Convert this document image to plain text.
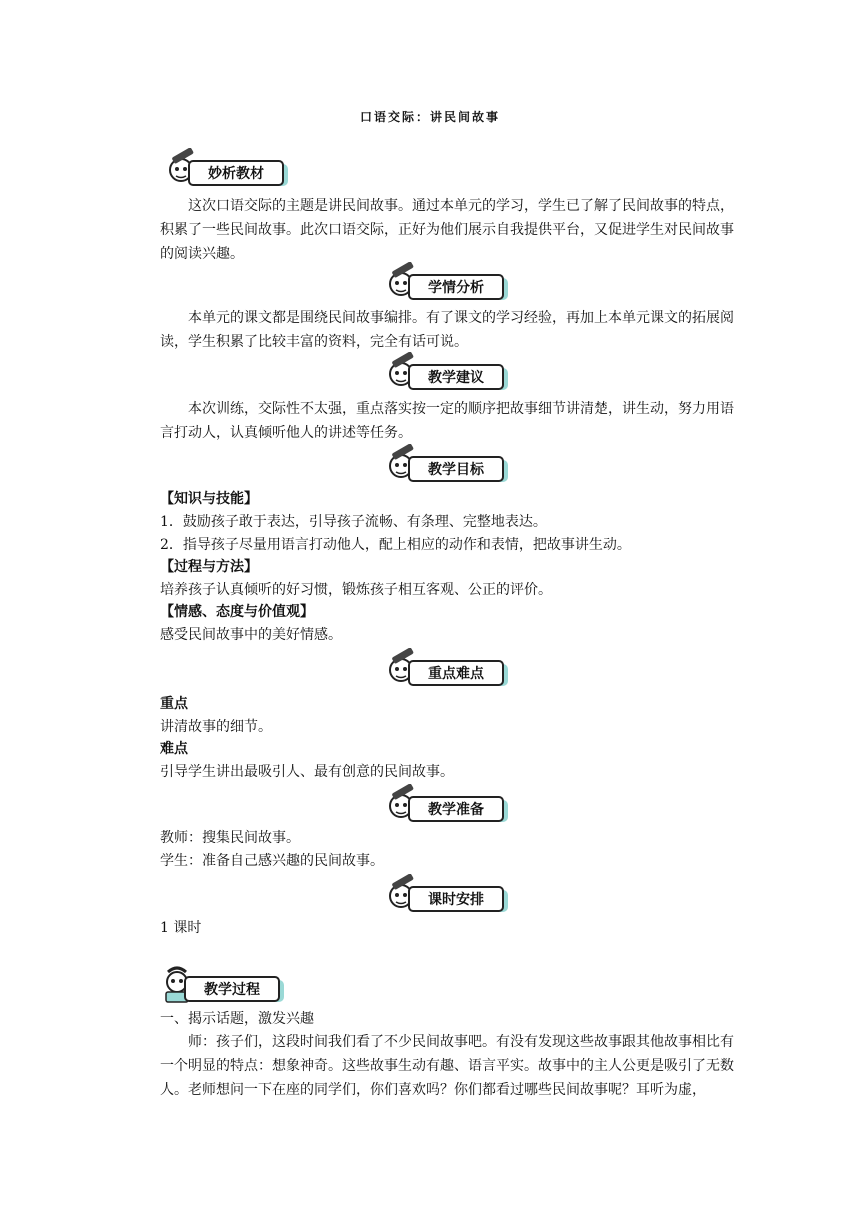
口语交际：讲民间故事
妙析教材

这次口语交际的主题是讲民间故事。通过本单元的学习，学生已了解了民间故事的特点，积累了一些民间故事。此次口语交际，正好为他们展示自我提供平台，又促进学生对民间故事的阅读兴趣。

学情分析

本单元的课文都是围绕民间故事编排。有了课文的学习经验，再加上本单元课文的拓展阅读，学生积累了比较丰富的资料，完全有话可说。

教学建议

本次训练，交际性不太强，重点落实按一定的顺序把故事细节讲清楚，讲生动，努力用语言打动人，认真倾听他人的讲述等任务。

教学目标

【知识与技能】

1．鼓励孩子敢于表达，引导孩子流畅、有条理、完整地表达。

2．指导孩子尽量用语言打动他人，配上相应的动作和表情，把故事讲生动。

【过程与方法】

培养孩子认真倾听的好习惯，锻炼孩子相互客观、公正的评价。

【情感、态度与价值观】

感受民间故事中的美好情感。

重点难点

重点

讲清故事的细节。

难点

引导学生讲出最吸引人、最有创意的民间故事。

教学准备

教师：搜集民间故事。

学生：准备自己感兴趣的民间故事。

课时安排

1 课时

教学过程

一、揭示话题，激发兴趣

师：孩子们，这段时间我们看了不少民间故事吧。有没有发现这些故事跟其他故事相比有一个明显的特点：想象神奇。这些故事生动有趣、语言平实。故事中的主人公更是吸引了无数人。老师想问一下在座的同学们，你们喜欢吗？你们都看过哪些民间故事呢？耳听为虚，
